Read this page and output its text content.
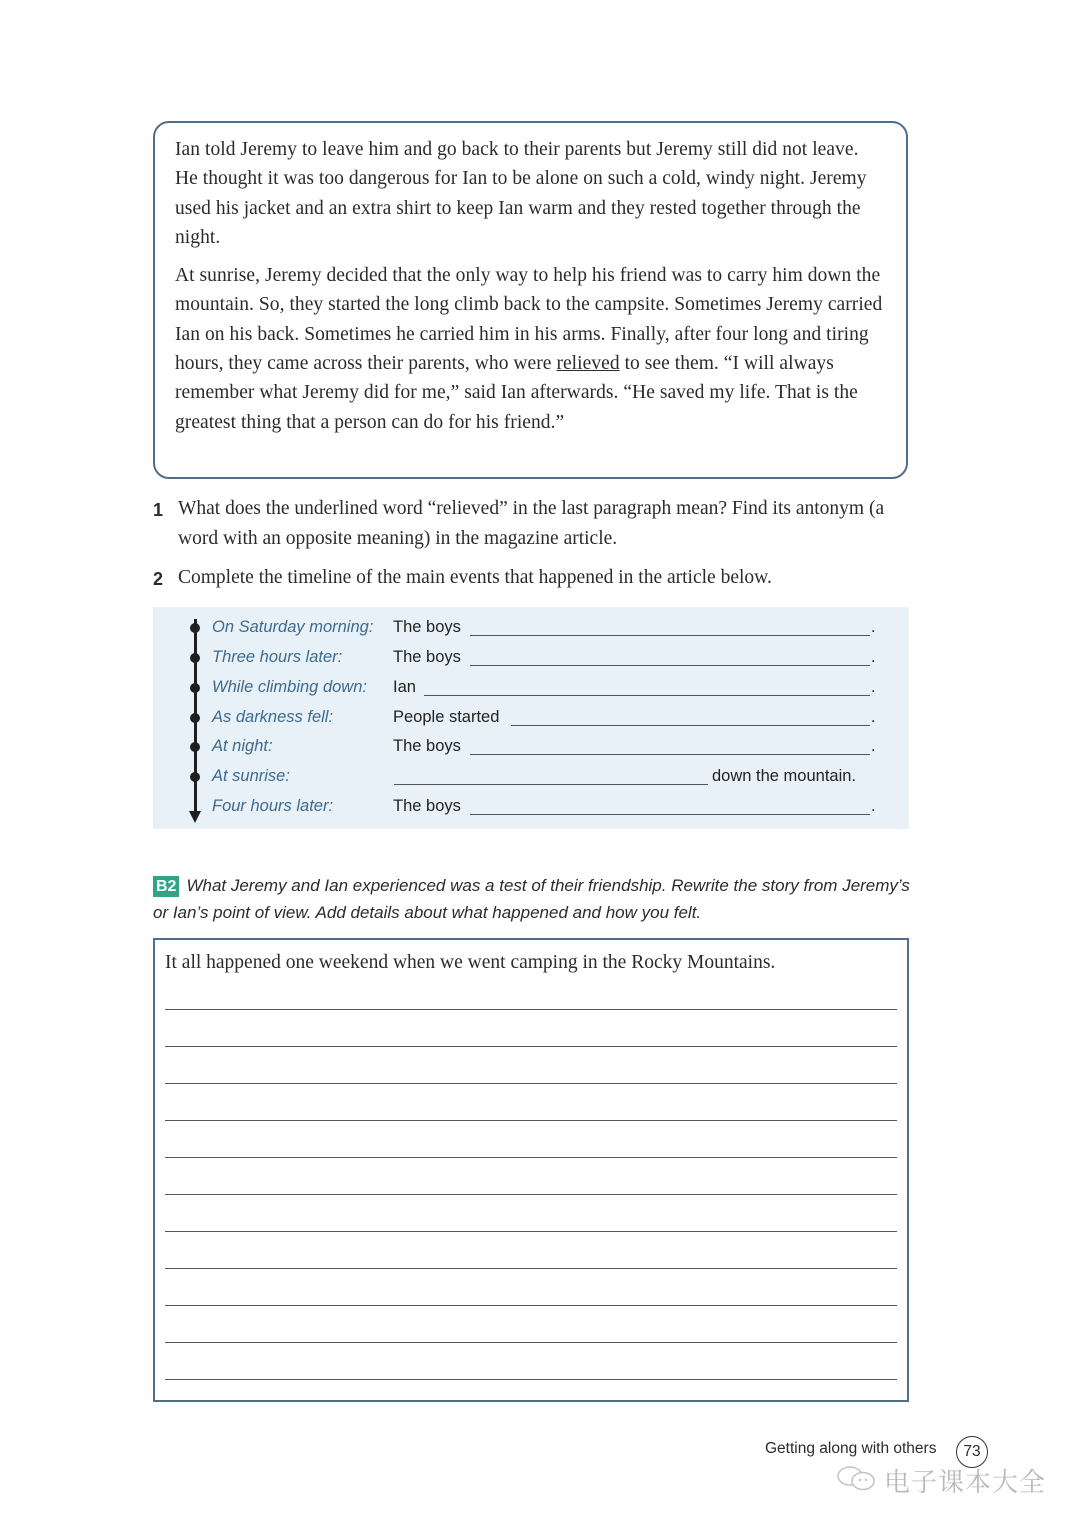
Ian told Jeremy to leave him and go back to their parents but Jeremy still did not leave. He thought it was too dangerous for Ian to be alone on such a cold, windy night. Jeremy used his jacket and an extra shirt to keep Ian warm and they rested together through the night.

At sunrise, Jeremy decided that the only way to help his friend was to carry him down the mountain. So, they started the long climb back to the campsite. Sometimes Jeremy carried Ian on his back. Sometimes he carried him in his arms. Finally, after four long and tiring hours, they came across their parents, who were relieved to see them. “I will always remember what Jeremy did for me,” said Ian afterwards. “He saved my life. That is the greatest thing that a person can do for his friend.”

1 What does the underlined word “relieved” in the last paragraph mean? Find its antonym (a word with an opposite meaning) in the magazine article.
2 Complete the timeline of the main events that happened in the article below.
On Saturday morning: The boys	.
Three hours later:	The boys	.
While climbing down: Ian	.
As darkness fell:	People started	.
At night:	The boys	.
At sunrise:	down the mountain.
Four hours later:	The boys	.
B2 What Jeremy and Ian experienced was a test of their friendship. Rewrite the story from Jeremy’s or Ian’s point of view. Add details about what happened and how you felt.
It all happened one weekend when we went camping in the Rocky Mountains.
Getting along with others	73
电子课本大全
